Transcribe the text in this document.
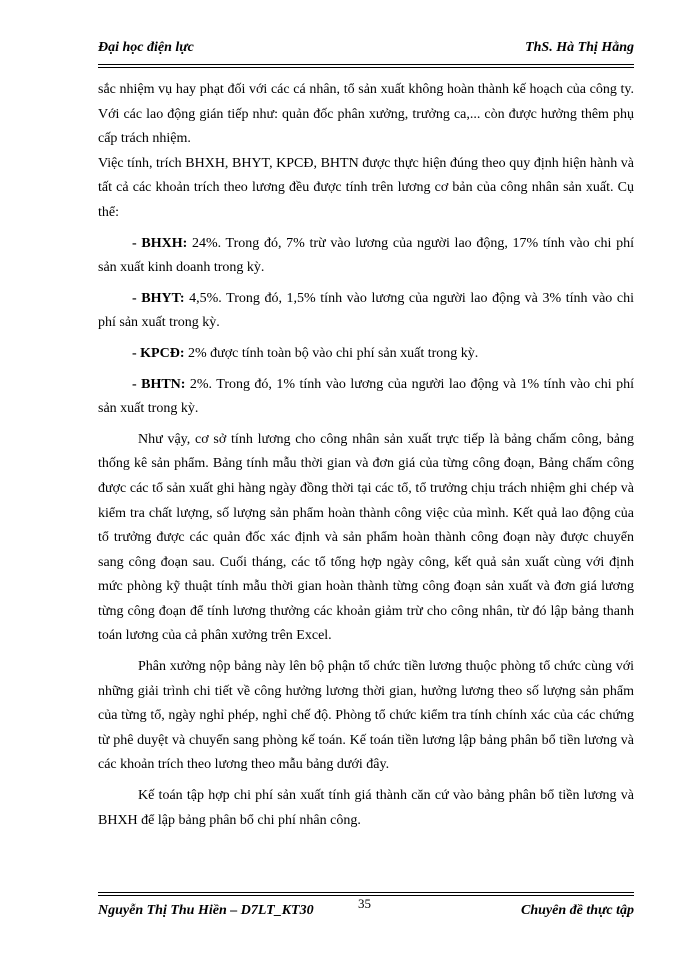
Đại học điện lực	ThS. Hà Thị Hằng

sắc nhiệm vụ hay phạt đối với các cá nhân, tổ sản xuất không hoàn thành kế hoạch của công ty. Với các lao động gián tiếp như: quản đốc phân xưởng, trưởng ca,... còn được hưởng thêm phụ cấp trách nhiệm.

Việc tính, trích BHXH, BHYT, KPCĐ, BHTN được thực hiện đúng theo quy định hiện hành và tất cả các khoản trích theo lương đều được tính trên lương cơ bản của công nhân sản xuất. Cụ thể:

- BHXH: 24%. Trong đó, 7% trừ vào lương của người lao động, 17% tính vào chi phí sản xuất kinh doanh trong kỳ.

- BHYT: 4,5%. Trong đó, 1,5% tính vào lương của người lao động và 3% tính vào chi phí sản xuất trong kỳ.

- KPCĐ: 2% được tính toàn bộ vào chi phí sản xuất trong kỳ.

- BHTN: 2%. Trong đó, 1% tính vào lương của người lao động và 1% tính vào chi phí sản xuất trong kỳ.

Như vậy, cơ sở tính lương cho công nhân sản xuất trực tiếp là bảng chấm công, bảng thống kê sản phẩm. Bảng tính mẫu thời gian và đơn giá của từng công đoạn, Bảng chấm công được các tổ sản xuất ghi hàng ngày đồng thời tại các tổ, tổ trưởng chịu trách nhiệm ghi chép và kiểm tra chất lượng, số lượng sản phẩm hoàn thành công việc của mình. Kết quả lao động của tổ trưởng được các quản đốc xác định và sản phẩm hoàn thành công đoạn này được chuyển sang công đoạn sau. Cuối tháng, các tổ tổng hợp ngày công, kết quả sản xuất cùng với định mức phòng kỹ thuật tính mẫu thời gian hoàn thành từng công đoạn sản xuất và đơn giá lương từng công đoạn để tính lương thưởng các khoản giảm trừ cho công nhân, từ đó lập bảng thanh toán lương của cả phân xưởng trên Excel.

Phân xưởng nộp bảng này lên bộ phận tổ chức tiền lương thuộc phòng tổ chức cùng với những giải trình chi tiết về công hưởng lương thời gian, hưởng lương theo số lượng sản phẩm của từng tổ, ngày nghỉ phép, nghỉ chế độ. Phòng tổ chức kiểm tra tính chính xác của các chứng từ phê duyệt và chuyển sang phòng kế toán. Kế toán tiền lương lập bảng phân bổ tiền lương và các khoản trích theo lương theo mẫu bảng dưới đây.

Kế toán tập hợp chi phí sản xuất tính giá thành căn cứ vào bảng phân bổ tiền lương và BHXH để lập bảng phân bổ chi phí nhân công.

35
Nguyễn Thị Thu Hiền – D7LT_KT30	Chuyên đề thực tập
